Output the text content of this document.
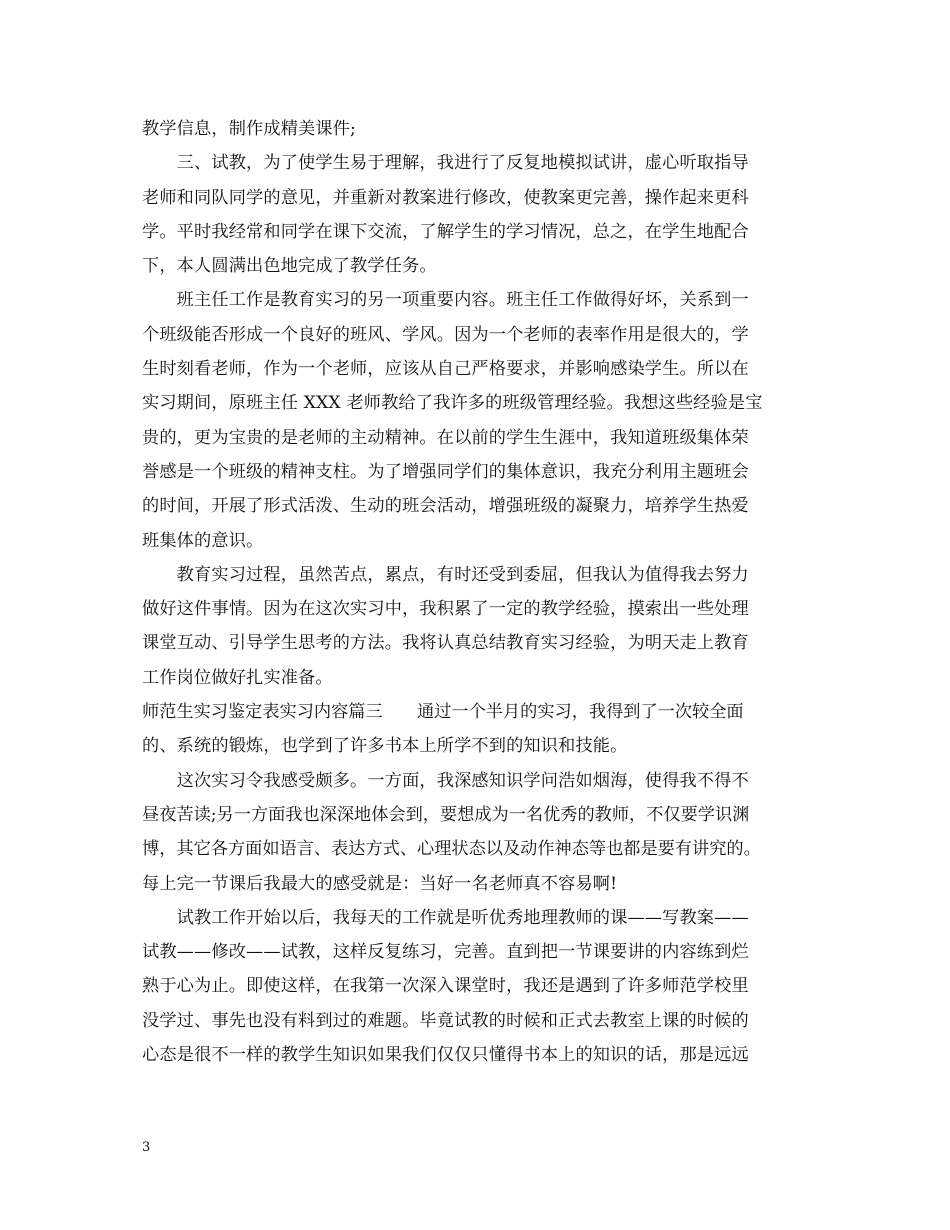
教学信息，制作成精美课件;
　　三、试教，为了使学生易于理解，我进行了反复地模拟试讲，虚心听取指导
老师和同队同学的意见，并重新对教案进行修改，使教案更完善，操作起来更科
学。平时我经常和同学在课下交流，了解学生的学习情况，总之，在学生地配合
下，本人圆满出色地完成了教学任务。
　　班主任工作是教育实习的另一项重要内容。班主任工作做得好坏，关系到一
个班级能否形成一个良好的班风、学风。因为一个老师的表率作用是很大的，学
生时刻看老师，作为一个老师，应该从自己严格要求，并影响感染学生。所以在
实习期间，原班主任 XXX 老师教给了我许多的班级管理经验。我想这些经验是宝
贵的，更为宝贵的是老师的主动精神。在以前的学生生涯中，我知道班级集体荣
誉感是一个班级的精神支柱。为了增强同学们的集体意识，我充分利用主题班会
的时间，开展了形式活泼、生动的班会活动，增强班级的凝聚力，培养学生热爱
班集体的意识。
　　教育实习过程，虽然苦点，累点，有时还受到委屈，但我认为值得我去努力
做好这件事情。因为在这次实习中，我积累了一定的教学经验，摸索出一些处理
课堂互动、引导学生思考的方法。我将认真总结教育实习经验，为明天走上教育
工作岗位做好扎实准备。
师范生实习鉴定表实习内容篇三　　通过一个半月的实习，我得到了一次较全面
的、系统的锻炼，也学到了许多书本上所学不到的知识和技能。
　　这次实习令我感受颇多。一方面，我深感知识学问浩如烟海，使得我不得不
昼夜苦读;另一方面我也深深地体会到，要想成为一名优秀的教师，不仅要学识渊
博，其它各方面如语言、表达方式、心理状态以及动作神态等也都是要有讲究的。
每上完一节课后我最大的感受就是：当好一名老师真不容易啊!
　　试教工作开始以后，我每天的工作就是听优秀地理教师的课——写教案——
试教——修改——试教，这样反复练习，完善。直到把一节课要讲的内容练到烂
熟于心为止。即使这样，在我第一次深入课堂时，我还是遇到了许多师范学校里
没学过、事先也没有料到过的难题。毕竟试教的时候和正式去教室上课的时候的
心态是很不一样的教学生知识如果我们仅仅只懂得书本上的知识的话，那是远远
3
